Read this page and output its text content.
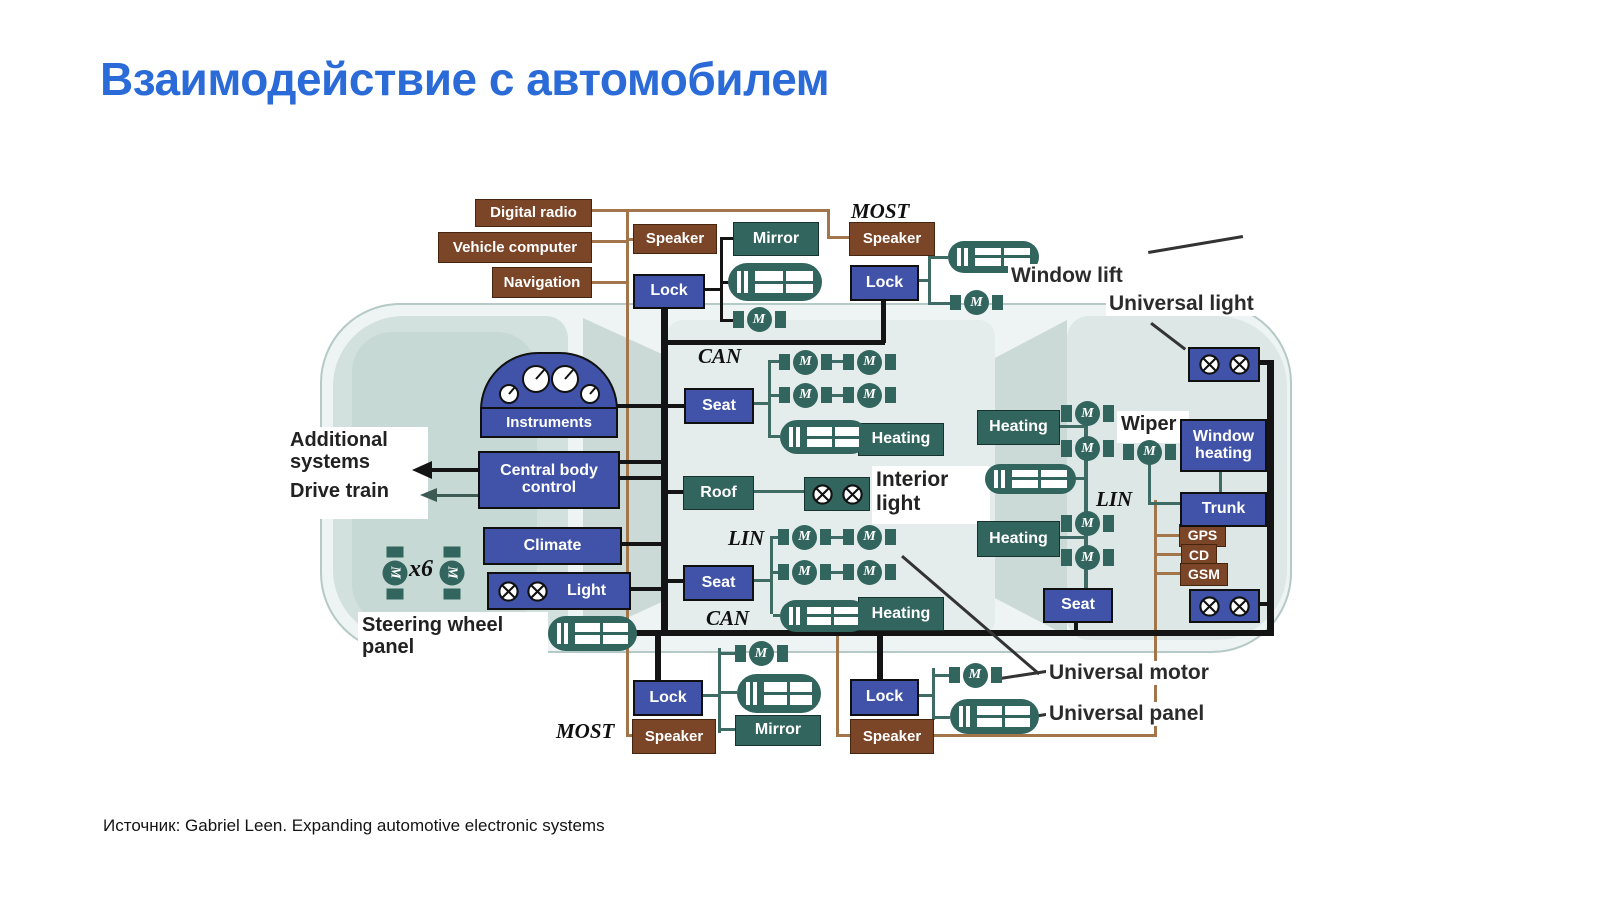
Взаимодействие с автомобилем
Источник: Gabriel Leen. Expanding automotive electronic systems
Digital radio
Vehicle computer
Navigation
Speaker	Speaker
Speaker	Speaker
GPS
CD
GSM
Lock	Lock
Lock	Lock
Seat
Seat
Seat
Climate
Central body control
Window heating
Trunk
Light
Instruments
Mirror
Mirror
Heating
Heating
Heating
Heating
Roof
M
M
M	M
M	M
M	M
M	M
M
M
M
M
M
M
M
M	M
x6
Additional systems
Drive train
Steering wheel panel
Interior light
Wiper
Window lift
Universal light
Universal motor
Universal panel
MOST
CAN
LIN
CAN
LIN
MOST
